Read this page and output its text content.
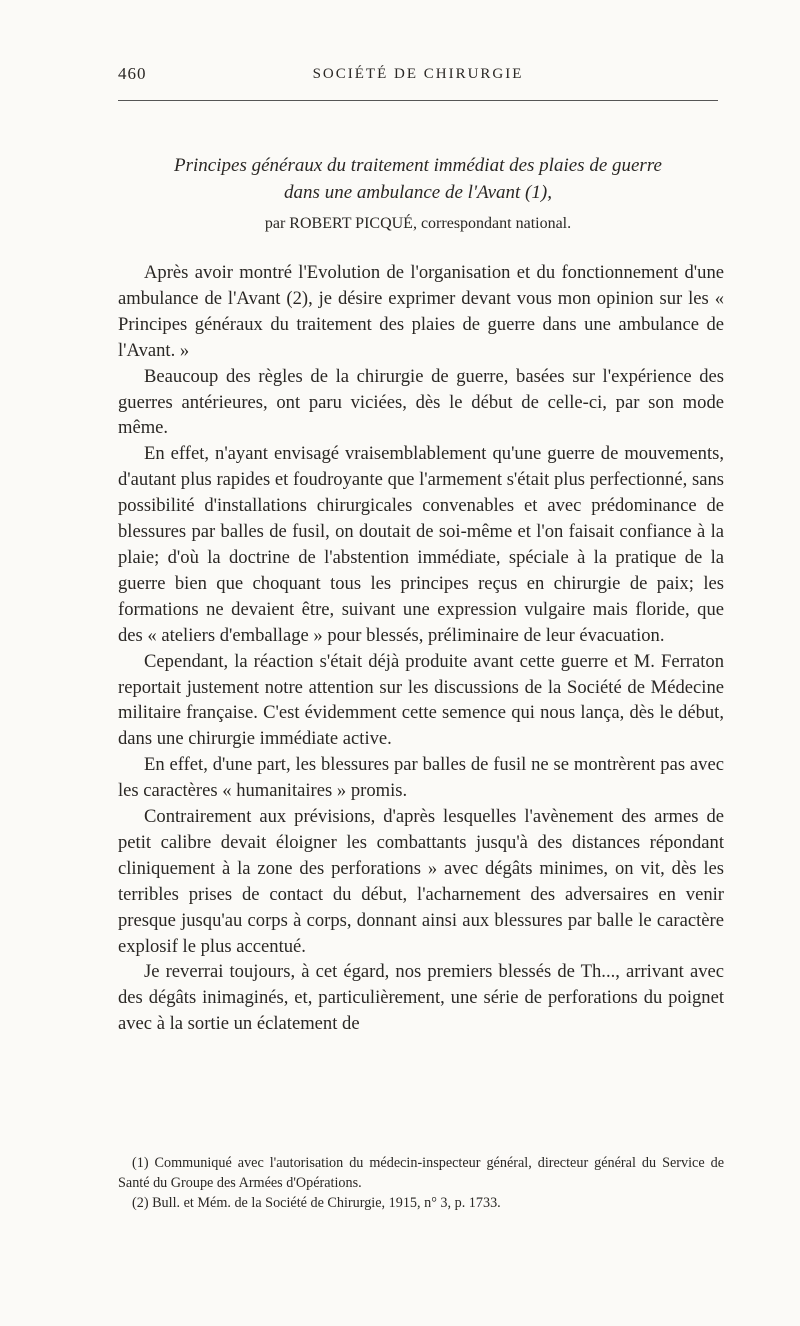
460	SOCIÉTÉ DE CHIRURGIE
Principes généraux du traitement immédiat des plaies de guerre
dans une ambulance de l'Avant (1),
par ROBERT PICQUÉ, correspondant national.

Après avoir montré l'Evolution de l'organisation et du fonctionnement d'une ambulance de l'Avant (2), je désire exprimer devant vous mon opinion sur les « Principes généraux du traitement des plaies de guerre dans une ambulance de l'Avant. »

Beaucoup des règles de la chirurgie de guerre, basées sur l'expérience des guerres antérieures, ont paru viciées, dès le début de celle-ci, par son mode même.

En effet, n'ayant envisagé vraisemblablement qu'une guerre de mouvements, d'autant plus rapides et foudroyante que l'armement s'était plus perfectionné, sans possibilité d'installations chirurgicales convenables et avec prédominance de blessures par balles de fusil, on doutait de soi-même et l'on faisait confiance à la plaie; d'où la doctrine de l'abstention immédiate, spéciale à la pratique de la guerre bien que choquant tous les principes reçus en chirurgie de paix; les formations ne devaient être, suivant une expression vulgaire mais floride, que des « ateliers d'emballage » pour blessés, préliminaire de leur évacuation.

Cependant, la réaction s'était déjà produite avant cette guerre et M. Ferraton reportait justement notre attention sur les discussions de la Société de Médecine militaire française. C'est évidemment cette semence qui nous lança, dès le début, dans une chirurgie immédiate active.

En effet, d'une part, les blessures par balles de fusil ne se montrèrent pas avec les caractères « humanitaires » promis.

Contrairement aux prévisions, d'après lesquelles l'avènement des armes de petit calibre devait éloigner les combattants jusqu'à des distances répondant cliniquement à la zone des perforations » avec dégâts minimes, on vit, dès les terribles prises de contact du début, l'acharnement des adversaires en venir presque jusqu'au corps à corps, donnant ainsi aux blessures par balle le caractère explosif le plus accentué.

Je reverrai toujours, à cet égard, nos premiers blessés de Th..., arrivant avec des dégâts inimaginés, et, particulièrement, une série de perforations du poignet avec à la sortie un éclatement de

(1) Communiqué avec l'autorisation du médecin-inspecteur général, directeur général du Service de Santé du Groupe des Armées d'Opérations.

(2) Bull. et Mém. de la Société de Chirurgie, 1915, n° 3, p. 1733.
